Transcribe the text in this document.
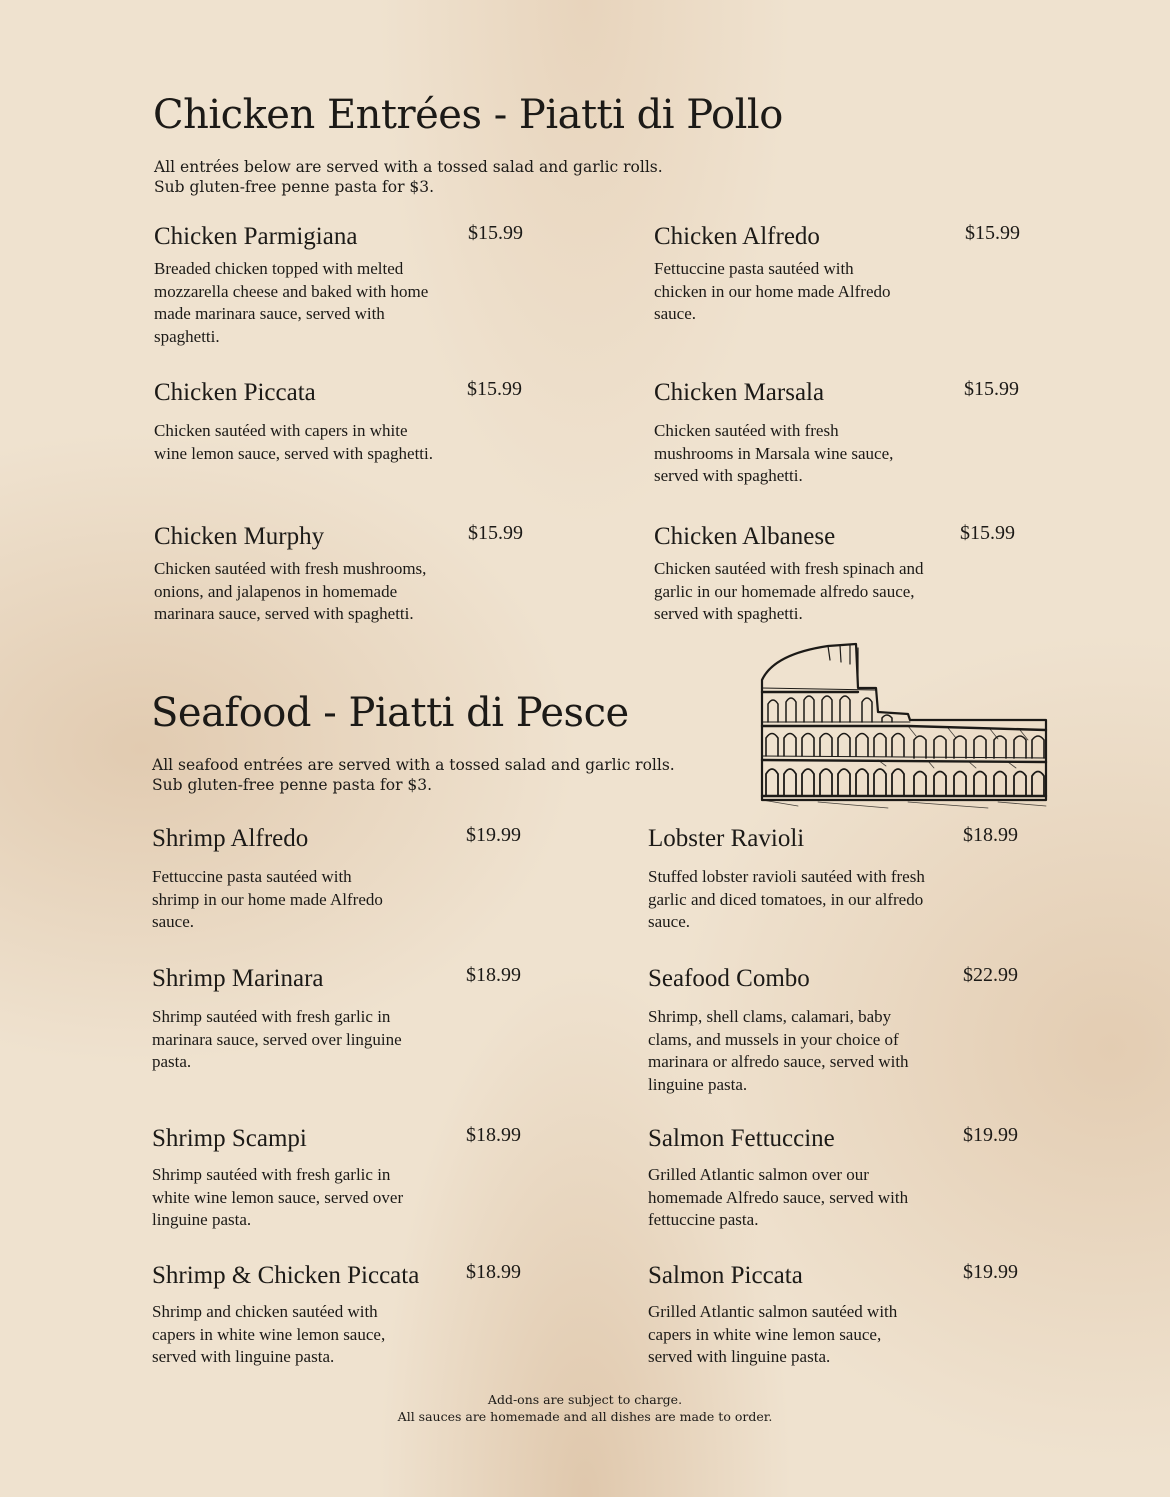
Chicken Entrées - Piatti di Pollo
All entrées below are served with a tossed salad and garlic rolls.
Sub gluten-free penne pasta for $3.
Chicken Parmigiana	$15.99
Breaded chicken topped with melted mozzarella cheese and baked with home made marinara sauce, served with spaghetti.
Chicken Alfredo	$15.99
Fettuccine pasta sautéed with chicken in our home made Alfredo sauce.
Chicken Piccata	$15.99
Chicken sautéed with capers in white wine lemon sauce, served with spaghetti.
Chicken Marsala	$15.99
Chicken sautéed with fresh mushrooms in Marsala wine sauce, served with spaghetti.
Chicken Murphy	$15.99
Chicken sautéed with fresh mushrooms, onions, and jalapenos in homemade marinara sauce, served with spaghetti.
Chicken Albanese	$15.99
Chicken sautéed with fresh spinach and garlic in our homemade alfredo sauce, served with spaghetti.
Seafood - Piatti di Pesce
All seafood entrées are served with a tossed salad and garlic rolls.
Sub gluten-free penne pasta for $3.
Shrimp Alfredo	$19.99
Fettuccine pasta sautéed with shrimp in our home made Alfredo sauce.
Lobster Ravioli	$18.99
Stuffed lobster ravioli sautéed with fresh garlic and diced tomatoes, in our alfredo sauce.
Shrimp Marinara	$18.99
Shrimp sautéed with fresh garlic in marinara sauce, served over linguine pasta.
Seafood Combo	$22.99
Shrimp, shell clams, calamari, baby clams, and mussels in your choice of marinara or alfredo sauce, served with linguine pasta.
Shrimp Scampi	$18.99
Shrimp sautéed with fresh garlic in white wine lemon sauce, served over linguine pasta.
Salmon Fettuccine	$19.99
Grilled Atlantic salmon over our homemade Alfredo sauce, served with fettuccine pasta.
Shrimp & Chicken Piccata $18.99
Shrimp and chicken sautéed with capers in white wine lemon sauce, served with linguine pasta.
Salmon Piccata	$19.99
Grilled Atlantic salmon sautéed with capers in white wine lemon sauce, served with linguine pasta.
Add-ons are subject to charge.
All sauces are homemade and all dishes are made to order.
